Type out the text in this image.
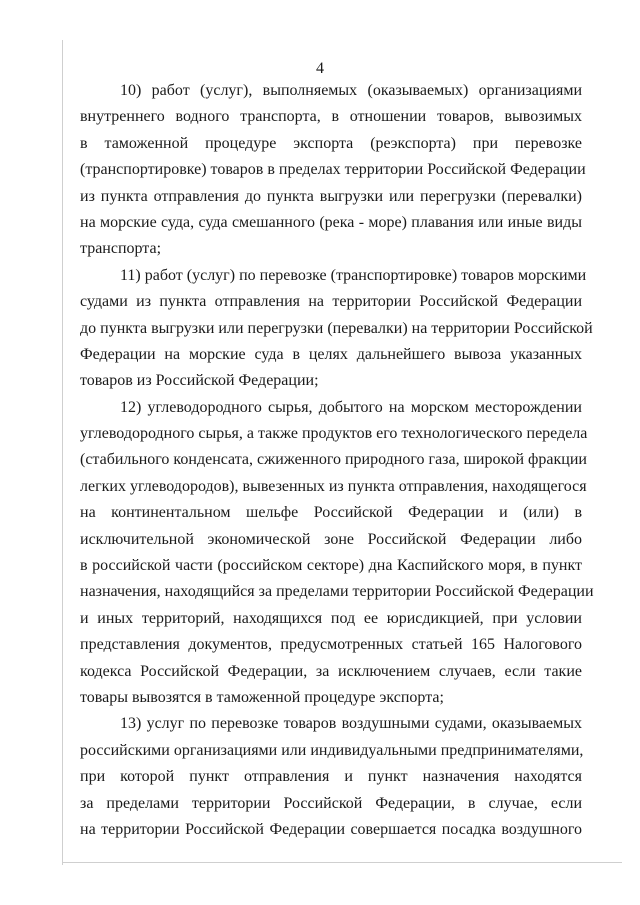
4
10) работ (услуг), выполняемых (оказываемых) организациями
внутреннего водного транспорта, в отношении товаров, вывозимых
в таможенной процедуре экспорта (реэкспорта) при перевозке
(транспортировке) товаров в пределах территории Российской Федерации
из пункта отправления до пункта выгрузки или перегрузки (перевалки)
на морские суда, суда смешанного (река - море) плавания или иные виды
транспорта;
11) работ (услуг) по перевозке (транспортировке) товаров морскими
судами из пункта отправления на территории Российской Федерации
до пункта выгрузки или перегрузки (перевалки) на территории Российской
Федерации на морские суда в целях дальнейшего вывоза указанных
товаров из Российской Федерации;
12) углеводородного сырья, добытого на морском месторождении
углеводородного сырья, а также продуктов его технологического передела
(стабильного конденсата, сжиженного природного газа, широкой фракции
легких углеводородов), вывезенных из пункта отправления, находящегося
на континентальном шельфе Российской Федерации и (или) в
исключительной экономической зоне Российской Федерации либо
в российской части (российском секторе) дна Каспийского моря, в пункт
назначения, находящийся за пределами территории Российской Федерации
и иных территорий, находящихся под ее юрисдикцией, при условии
представления документов, предусмотренных статьей 165 Налогового
кодекса Российской Федерации, за исключением случаев, если такие
товары вывозятся в таможенной процедуре экспорта;
13) услуг по перевозке товаров воздушными судами, оказываемых
российскими организациями или индивидуальными предпринимателями,
при которой пункт отправления и пункт назначения находятся
за пределами территории Российской Федерации, в случае, если
на территории Российской Федерации совершается посадка воздушного
